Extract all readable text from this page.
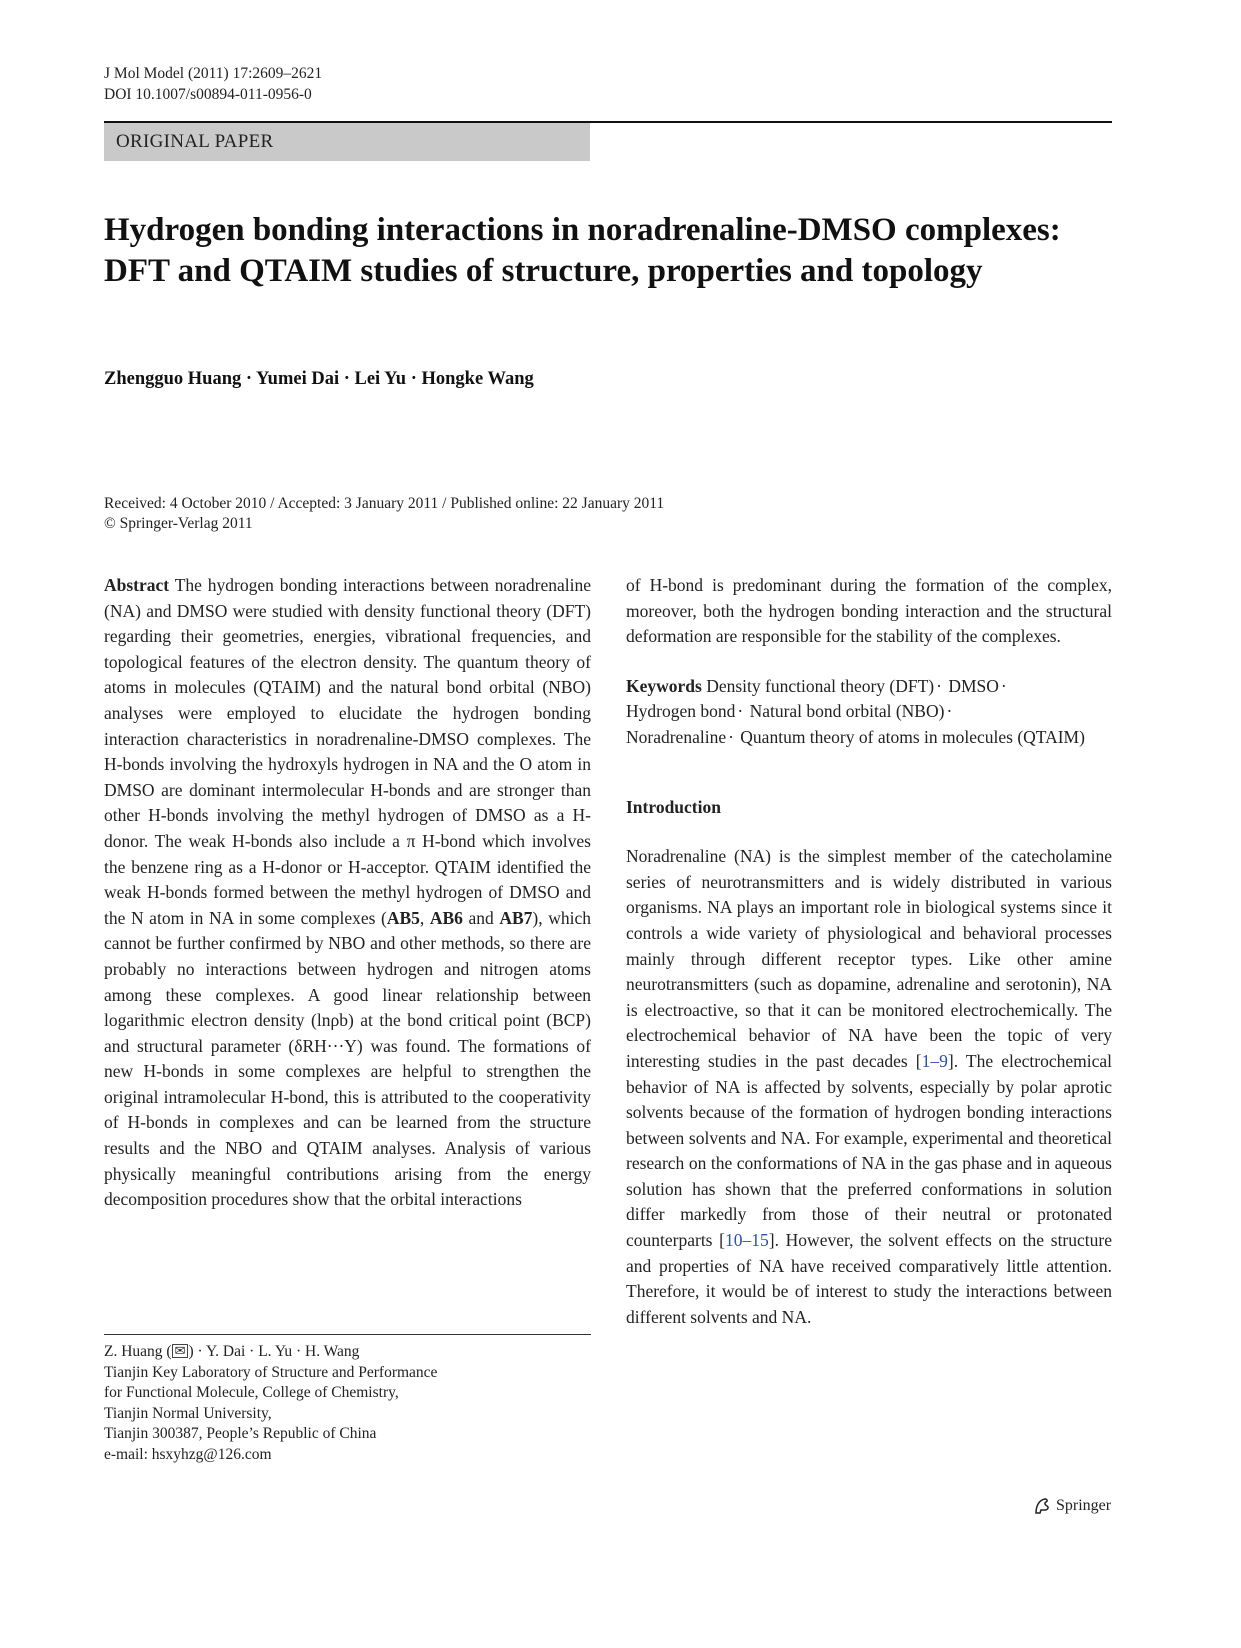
J Mol Model (2011) 17:2609–2621
DOI 10.1007/s00894-011-0956-0
ORIGINAL PAPER
Hydrogen bonding interactions in noradrenaline-DMSO complexes: DFT and QTAIM studies of structure, properties and topology
Zhengguo Huang · Yumei Dai · Lei Yu · Hongke Wang
Received: 4 October 2010 / Accepted: 3 January 2011 / Published online: 22 January 2011
© Springer-Verlag 2011
Abstract The hydrogen bonding interactions between noradrenaline (NA) and DMSO were studied with density functional theory (DFT) regarding their geometries, energies, vibrational frequencies, and topological features of the electron density. The quantum theory of atoms in molecules (QTAIM) and the natural bond orbital (NBO) analyses were employed to elucidate the hydrogen bonding interaction characteristics in noradrenaline-DMSO complexes. The H-bonds involving the hydroxyls hydrogen in NA and the O atom in DMSO are dominant intermolecular H-bonds and are stronger than other H-bonds involving the methyl hydrogen of DMSO as a H-donor. The weak H-bonds also include a π H-bond which involves the benzene ring as a H-donor or H-acceptor. QTAIM identified the weak H-bonds formed between the methyl hydrogen of DMSO and the N atom in NA in some complexes (AB5, AB6 and AB7), which cannot be further confirmed by NBO and other methods, so there are probably no interactions between hydrogen and nitrogen atoms among these complexes. A good linear relationship between logarithmic electron density (lnρb) at the bond critical point (BCP) and structural parameter (δRH···Y) was found. The formations of new H-bonds in some complexes are helpful to strengthen the original intramolecular H-bond, this is attributed to the cooperativity of H-bonds in complexes and can be learned from the structure results and the NBO and QTAIM analyses. Analysis of various physically meaningful contributions arising from the energy decomposition procedures show that the orbital interactions
Z. Huang ( ✉ ) · Y. Dai · L. Yu · H. Wang
Tianjin Key Laboratory of Structure and Performance
for Functional Molecule, College of Chemistry,
Tianjin Normal University,
Tianjin 300387, People’s Republic of China
e-mail: hsxyhzg@126.com
of H-bond is predominant during the formation of the complex, moreover, both the hydrogen bonding interaction and the structural deformation are responsible for the stability of the complexes.
Keywords Density functional theory (DFT) · DMSO ·
Hydrogen bond · Natural bond orbital (NBO) ·
Noradrenaline · Quantum theory of atoms in molecules (QTAIM)
Introduction
Noradrenaline (NA) is the simplest member of the catecholamine series of neurotransmitters and is widely distributed in various organisms. NA plays an important role in biological systems since it controls a wide variety of physiological and behavioral processes mainly through different receptor types. Like other amine neurotransmitters (such as dopamine, adrenaline and serotonin), NA is electroactive, so that it can be monitored electrochemically. The electrochemical behavior of NA have been the topic of very interesting studies in the past decades [1–9]. The electrochemical behavior of NA is affected by solvents, especially by polar aprotic solvents because of the formation of hydrogen bonding interactions between solvents and NA. For example, experimental and theoretical research on the conformations of NA in the gas phase and in aqueous solution has shown that the preferred conformations in solution differ markedly from those of their neutral or protonated counterparts [10–15]. However, the solvent effects on the structure and properties of NA have received comparatively little attention. Therefore, it would be of interest to study the interactions between different solvents and NA.
Springer
